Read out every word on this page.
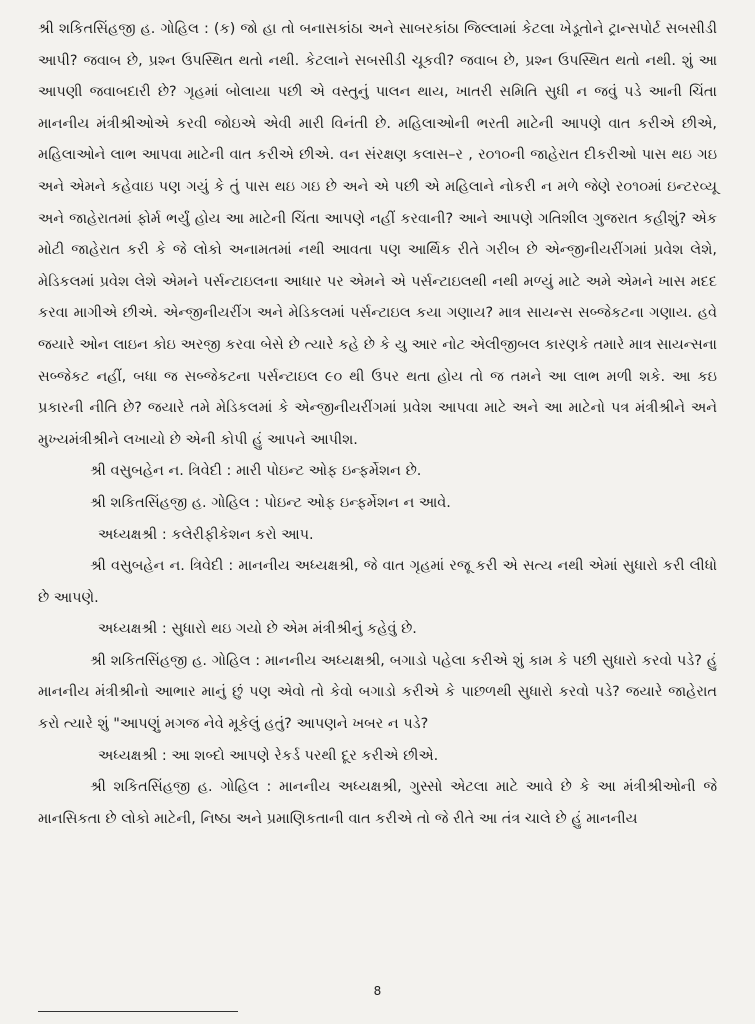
શ્રી શકિતસિંહજી હ. ગોહિલ : (ક) જો હા તો બનાસકાંઠા અને સાબરકાંઠા જિલ્લામાં કેટલા ખેડૂતોને ટ્રાન્સપોર્ટ સબસીડી આપી? જવાબ છે, પ્રશ્ન ઉપસ્થિત થતો નથી. કેટલાને સબસીડી ચૂકવી? જવાબ છે, પ્રશ્ન ઉપસ્થિત થતો નથી. શું આ આપણી જવાબદારી છે? ગૃહમાં બોલાયા પછી એ વસ્તુનું પાલન થાય, ખાતરી સમિતિ સુધી ન જવું પડે આની ચિંતા માનનીય મંત્રીશ્રીઓએ કરવી જોઇએ એવી મારી વિનંતી છે. મહિલાઓની ભરતી માટેની આપણે વાત કરીએ છીએ, મહિલાઓને લાભ આપવા માટેની વાત કરીએ છીએ. વન સંરક્ષણ કલાસ–ર , ર૦૧૦ની જાહેરાત દીકરીઓ પાસ થઇ ગઇ અને એમને કહેવાઇ પણ ગયું કે તું પાસ થઇ ગઇ છે અને એ પછી એ મહિલાને નોકરી ન મળે જેણે ર૦૧૦માં ઇન્ટરવ્યૂ અને જાહેરાતમાં ફોર્મ ભર્યું હોય આ માટેની ચિંતા આપણે નહીં કરવાની? આને આપણે ગતિશીલ ગુજરાત કહીશું? એક મોટી જાહેરાત કરી કે જે લોકો અનામતમાં નથી આવતા પણ આર્થિક રીતે ગરીબ છે એન્જીનીયરીંગમાં પ્રવેશ લેશે, મેડિકલમાં પ્રવેશ લેશે એમને પર્સન્ટાઇલના આધાર પર એમને એ પર્સન્ટાઇલથી નથી મળ્યું માટે અમે એમને ખાસ મદદ કરવા માગીએ છીએ. એન્જીનીયરીંગ અને મેડિકલમાં પર્સન્ટાઇલ કયા ગણાય? માત્ર સાયન્સ સબ્જેકટના ગણાય. હવે જયારે ઓન લાઇન કોઇ અરજી કરવા બેસે છે ત્યારે કહે છે કે યુ આર નોટ એલીજીબલ કારણકે તમારે માત્ર સાયન્સના સબ્જેકટ નહીં, બધા જ સબ્જેકટના પર્સન્ટાઇલ ૯૦ થી ઉપર થતા હોય તો જ તમને આ લાભ મળી શકે. આ કઇ પ્રકારની નીતિ છે? જયારે તમે મેડિકલમાં કે એન્જીનીયરીંગમાં પ્રવેશ આપવા માટે અને આ માટેનો પત્ર મંત્રીશ્રીને અને મુખ્યમંત્રીશ્રીને લખાયો છે એની કોપી હું આપને આપીશ.

શ્રી વસુબહેન ન. ત્રિવેદી : મારી પોઇન્ટ ઓફ ઇન્ફર્મેશન છે.

શ્રી શકિતસિંહજી હ. ગોહિલ : પોઇન્ટ ઓફ ઇન્ફર્મેશન ન આવે.

અધ્યક્ષશ્રી : કલેરીફીકેશન કરો આપ.

શ્રી વસુબહેન ન. ત્રિવેદી : માનનીય અધ્યક્ષશ્રી, જે વાત ગૃહમાં રજૂ કરી એ સત્ય નથી એમાં સુધારો કરી લીધો છે આપણે.

અધ્યક્ષશ્રી : સુધારો થઇ ગયો છે એમ મંત્રીશ્રીનું કહેવું છે.

શ્રી શકિતસિંહજી હ. ગોહિલ : માનનીય અધ્યક્ષશ્રી, બગાડો પહેલા કરીએ શું કામ કે પછી સુધારો કરવો પડે? હું માનનીય મંત્રીશ્રીનો આભાર માનું છું પણ એવો તો કેવો બગાડો કરીએ કે પાછળથી સુધારો કરવો પડે? જયારે જાહેરાત કરો ત્યારે શું "આપણું મગજ નેવે મૂકેલું હતું? આપણને ખબર ન પડે?

અધ્યક્ષશ્રી : આ શબ્દો આપણે રેકર્ડ પરથી દૂર કરીએ છીએ.

શ્રી શકિતસિંહજી હ. ગોહિલ : માનનીય અધ્યક્ષશ્રી, ગુસ્સો એટલા માટે આવે છે કે આ મંત્રીશ્રીઓની જે માનસિકતા છે લોકો માટેની, નિષ્ઠા અને પ્રમાણિકતાની વાત કરીએ તો જે રીતે આ તંત્ર ચાલે છે હું માનનીય

8
